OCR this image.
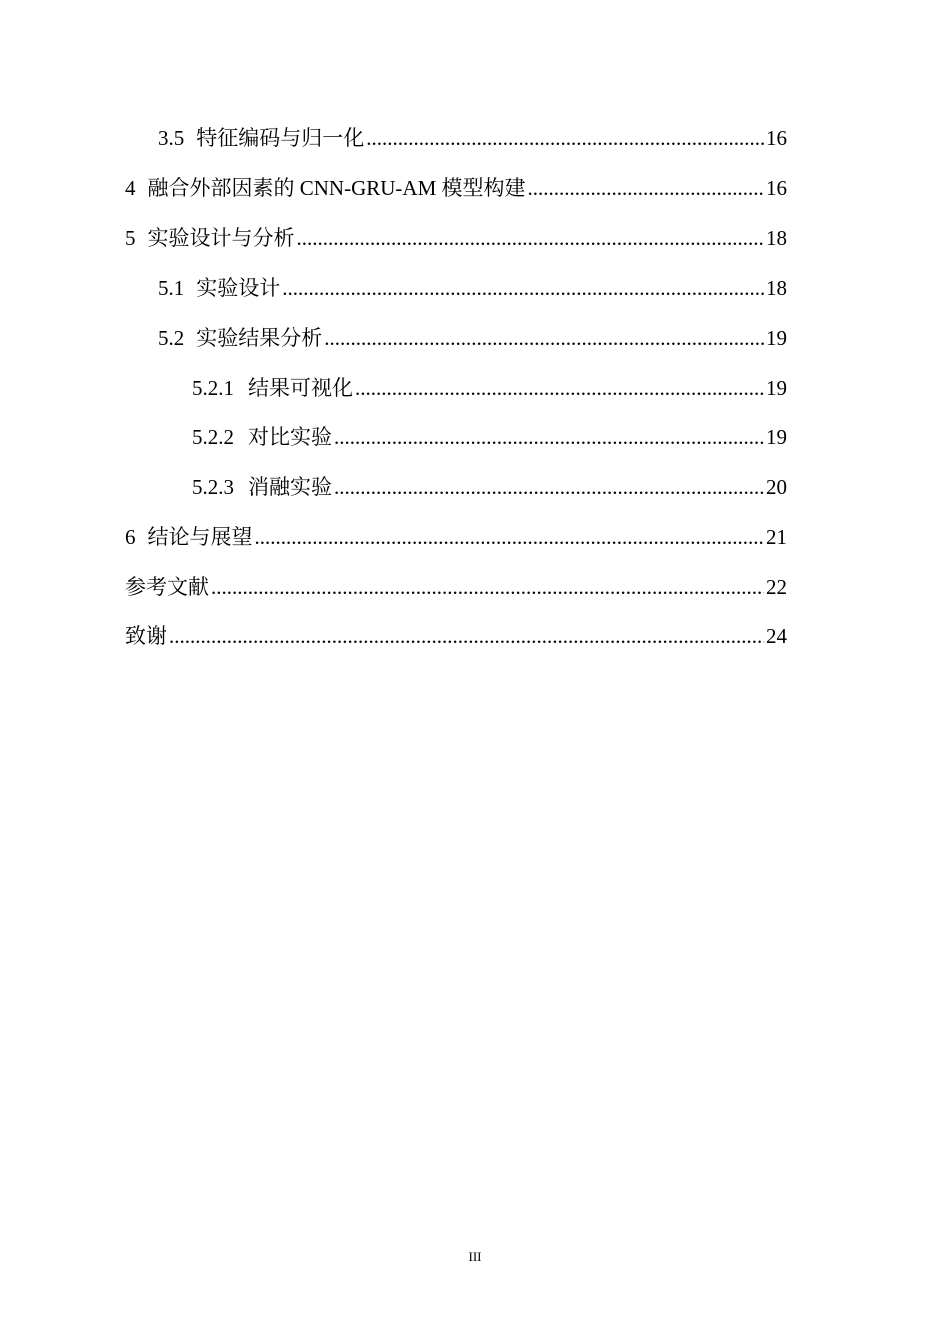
3.5 特征编码与归一化 .....	16
4 融合外部因素的 CNN-GRU-AM 模型构建 .....	16
5 实验设计与分析 .....	18
5.1 实验设计 .....	18
5.2 实验结果分析 .....	19
5.2.1 结果可视化 .....	19
5.2.2 对比实验 .....	19
5.2.3 消融实验 .....	20
6 结论与展望 .....	21
参考文献 .....	22
致谢 .....	24
III
